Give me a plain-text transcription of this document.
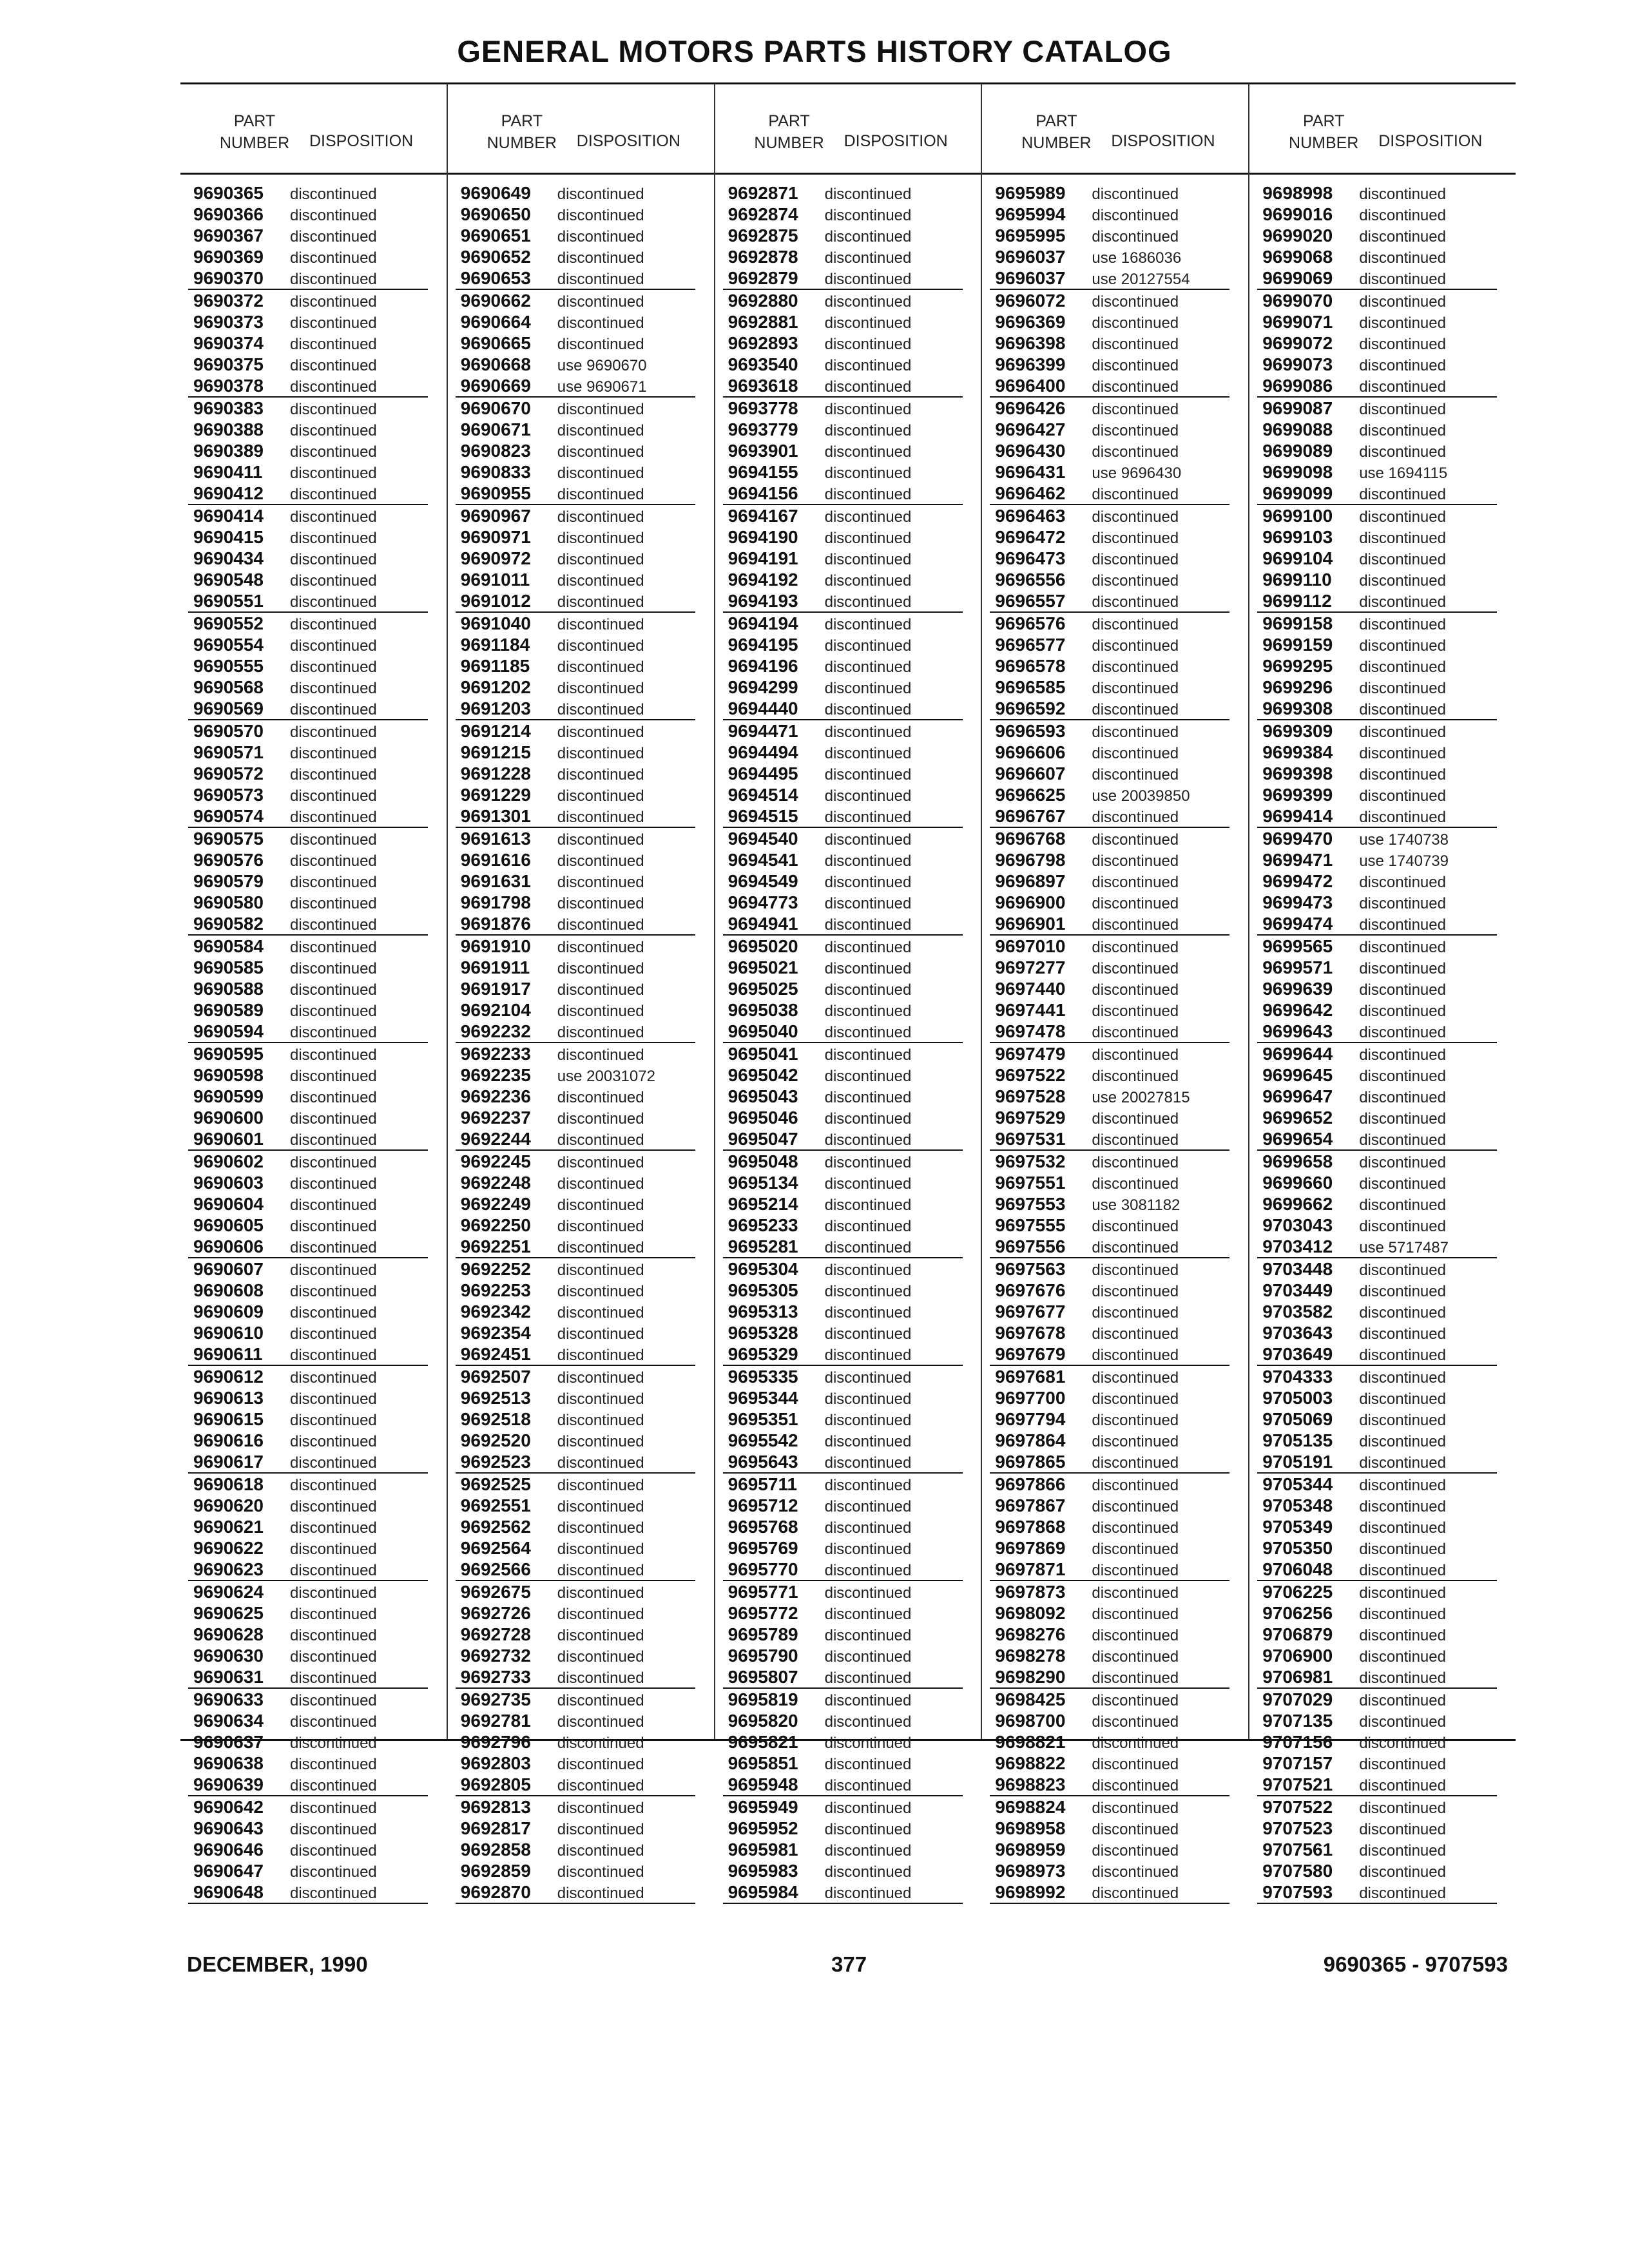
GENERAL MOTORS PARTS HISTORY CATALOG
PART
NUMBER DISPOSITION
9690365 discontinued
9690366 discontinued
9690367 discontinued
9690369 discontinued
9690370 discontinued
9690372 discontinued
9690373 discontinued
9690374 discontinued
9690375 discontinued
9690378 discontinued
9690383 discontinued
9690388 discontinued
9690389 discontinued
9690411 discontinued
9690412 discontinued
9690414 discontinued
9690415 discontinued
9690434 discontinued
9690548 discontinued
9690551 discontinued
9690552 discontinued
9690554 discontinued
9690555 discontinued
9690568 discontinued
9690569 discontinued
9690570 discontinued
9690571 discontinued
9690572 discontinued
9690573 discontinued
9690574 discontinued
9690575 discontinued
9690576 discontinued
9690579 discontinued
9690580 discontinued
9690582 discontinued
9690584 discontinued
9690585 discontinued
9690588 discontinued
9690589 discontinued
9690594 discontinued
9690595 discontinued
9690598 discontinued
9690599 discontinued
9690600 discontinued
9690601 discontinued
9690602 discontinued
9690603 discontinued
9690604 discontinued
9690605 discontinued
9690606 discontinued
9690607 discontinued
9690608 discontinued
9690609 discontinued
9690610 discontinued
9690611 discontinued
9690612 discontinued
9690613 discontinued
9690615 discontinued
9690616 discontinued
9690617 discontinued
9690618 discontinued
9690620 discontinued
9690621 discontinued
9690622 discontinued
9690623 discontinued
9690624 discontinued
9690625 discontinued
9690628 discontinued
9690630 discontinued
9690631 discontinued
9690633 discontinued
9690634 discontinued
9690637 discontinued
9690638 discontinued
9690639 discontinued
9690642 discontinued
9690643 discontinued
9690646 discontinued
9690647 discontinued
9690648 discontinued
PART
NUMBER DISPOSITION
9690649 discontinued
9690650 discontinued
9690651 discontinued
9690652 discontinued
9690653 discontinued
9690662 discontinued
9690664 discontinued
9690665 discontinued
9690668 use 9690670
9690669 use 9690671
9690670 discontinued
9690671 discontinued
9690823 discontinued
9690833 discontinued
9690955 discontinued
9690967 discontinued
9690971 discontinued
9690972 discontinued
9691011 discontinued
9691012 discontinued
9691040 discontinued
9691184 discontinued
9691185 discontinued
9691202 discontinued
9691203 discontinued
9691214 discontinued
9691215 discontinued
9691228 discontinued
9691229 discontinued
9691301 discontinued
9691613 discontinued
9691616 discontinued
9691631 discontinued
9691798 discontinued
9691876 discontinued
9691910 discontinued
9691911 discontinued
9691917 discontinued
9692104 discontinued
9692232 discontinued
9692233 discontinued
9692235 use 20031072
9692236 discontinued
9692237 discontinued
9692244 discontinued
9692245 discontinued
9692248 discontinued
9692249 discontinued
9692250 discontinued
9692251 discontinued
9692252 discontinued
9692253 discontinued
9692342 discontinued
9692354 discontinued
9692451 discontinued
9692507 discontinued
9692513 discontinued
9692518 discontinued
9692520 discontinued
9692523 discontinued
9692525 discontinued
9692551 discontinued
9692562 discontinued
9692564 discontinued
9692566 discontinued
9692675 discontinued
9692726 discontinued
9692728 discontinued
9692732 discontinued
9692733 discontinued
9692735 discontinued
9692781 discontinued
9692796 discontinued
9692803 discontinued
9692805 discontinued
9692813 discontinued
9692817 discontinued
9692858 discontinued
9692859 discontinued
9692870 discontinued
PART
NUMBER DISPOSITION
9692871 discontinued
9692874 discontinued
9692875 discontinued
9692878 discontinued
9692879 discontinued
9692880 discontinued
9692881 discontinued
9692893 discontinued
9693540 discontinued
9693618 discontinued
9693778 discontinued
9693779 discontinued
9693901 discontinued
9694155 discontinued
9694156 discontinued
9694167 discontinued
9694190 discontinued
9694191 discontinued
9694192 discontinued
9694193 discontinued
9694194 discontinued
9694195 discontinued
9694196 discontinued
9694299 discontinued
9694440 discontinued
9694471 discontinued
9694494 discontinued
9694495 discontinued
9694514 discontinued
9694515 discontinued
9694540 discontinued
9694541 discontinued
9694549 discontinued
9694773 discontinued
9694941 discontinued
9695020 discontinued
9695021 discontinued
9695025 discontinued
9695038 discontinued
9695040 discontinued
9695041 discontinued
9695042 discontinued
9695043 discontinued
9695046 discontinued
9695047 discontinued
9695048 discontinued
9695134 discontinued
9695214 discontinued
9695233 discontinued
9695281 discontinued
9695304 discontinued
9695305 discontinued
9695313 discontinued
9695328 discontinued
9695329 discontinued
9695335 discontinued
9695344 discontinued
9695351 discontinued
9695542 discontinued
9695643 discontinued
9695711 discontinued
9695712 discontinued
9695768 discontinued
9695769 discontinued
9695770 discontinued
9695771 discontinued
9695772 discontinued
9695789 discontinued
9695790 discontinued
9695807 discontinued
9695819 discontinued
9695820 discontinued
9695821 discontinued
9695851 discontinued
9695948 discontinued
9695949 discontinued
9695952 discontinued
9695981 discontinued
9695983 discontinued
9695984 discontinued
PART
NUMBER DISPOSITION
9695989 discontinued
9695994 discontinued
9695995 discontinued
9696037 use 1686036
9696037 use 20127554
9696072 discontinued
9696369 discontinued
9696398 discontinued
9696399 discontinued
9696400 discontinued
9696426 discontinued
9696427 discontinued
9696430 discontinued
9696431 use 9696430
9696462 discontinued
9696463 discontinued
9696472 discontinued
9696473 discontinued
9696556 discontinued
9696557 discontinued
9696576 discontinued
9696577 discontinued
9696578 discontinued
9696585 discontinued
9696592 discontinued
9696593 discontinued
9696606 discontinued
9696607 discontinued
9696625 use 20039850
9696767 discontinued
9696768 discontinued
9696798 discontinued
9696897 discontinued
9696900 discontinued
9696901 discontinued
9697010 discontinued
9697277 discontinued
9697440 discontinued
9697441 discontinued
9697478 discontinued
9697479 discontinued
9697522 discontinued
9697528 use 20027815
9697529 discontinued
9697531 discontinued
9697532 discontinued
9697551 discontinued
9697553 use 3081182
9697555 discontinued
9697556 discontinued
9697563 discontinued
9697676 discontinued
9697677 discontinued
9697678 discontinued
9697679 discontinued
9697681 discontinued
9697700 discontinued
9697794 discontinued
9697864 discontinued
9697865 discontinued
9697866 discontinued
9697867 discontinued
9697868 discontinued
9697869 discontinued
9697871 discontinued
9697873 discontinued
9698092 discontinued
9698276 discontinued
9698278 discontinued
9698290 discontinued
9698425 discontinued
9698700 discontinued
9698821 discontinued
9698822 discontinued
9698823 discontinued
9698824 discontinued
9698958 discontinued
9698959 discontinued
9698973 discontinued
9698992 discontinued
PART
NUMBER DISPOSITION
9698998 discontinued
9699016 discontinued
9699020 discontinued
9699068 discontinued
9699069 discontinued
9699070 discontinued
9699071 discontinued
9699072 discontinued
9699073 discontinued
9699086 discontinued
9699087 discontinued
9699088 discontinued
9699089 discontinued
9699098 use 1694115
9699099 discontinued
9699100 discontinued
9699103 discontinued
9699104 discontinued
9699110 discontinued
9699112 discontinued
9699158 discontinued
9699159 discontinued
9699295 discontinued
9699296 discontinued
9699308 discontinued
9699309 discontinued
9699384 discontinued
9699398 discontinued
9699399 discontinued
9699414 discontinued
9699470 use 1740738
9699471 use 1740739
9699472 discontinued
9699473 discontinued
9699474 discontinued
9699565 discontinued
9699571 discontinued
9699639 discontinued
9699642 discontinued
9699643 discontinued
9699644 discontinued
9699645 discontinued
9699647 discontinued
9699652 discontinued
9699654 discontinued
9699658 discontinued
9699660 discontinued
9699662 discontinued
9703043 discontinued
9703412 use 5717487
9703448 discontinued
9703449 discontinued
9703582 discontinued
9703643 discontinued
9703649 discontinued
9704333 discontinued
9705003 discontinued
9705069 discontinued
9705135 discontinued
9705191 discontinued
9705344 discontinued
9705348 discontinued
9705349 discontinued
9705350 discontinued
9706048 discontinued
9706225 discontinued
9706256 discontinued
9706879 discontinued
9706900 discontinued
9706981 discontinued
9707029 discontinued
9707135 discontinued
9707156 discontinued
9707157 discontinued
9707521 discontinued
9707522 discontinued
9707523 discontinued
9707561 discontinued
9707580 discontinued
9707593 discontinued
DECEMBER, 1990	377	9690365 - 9707593
